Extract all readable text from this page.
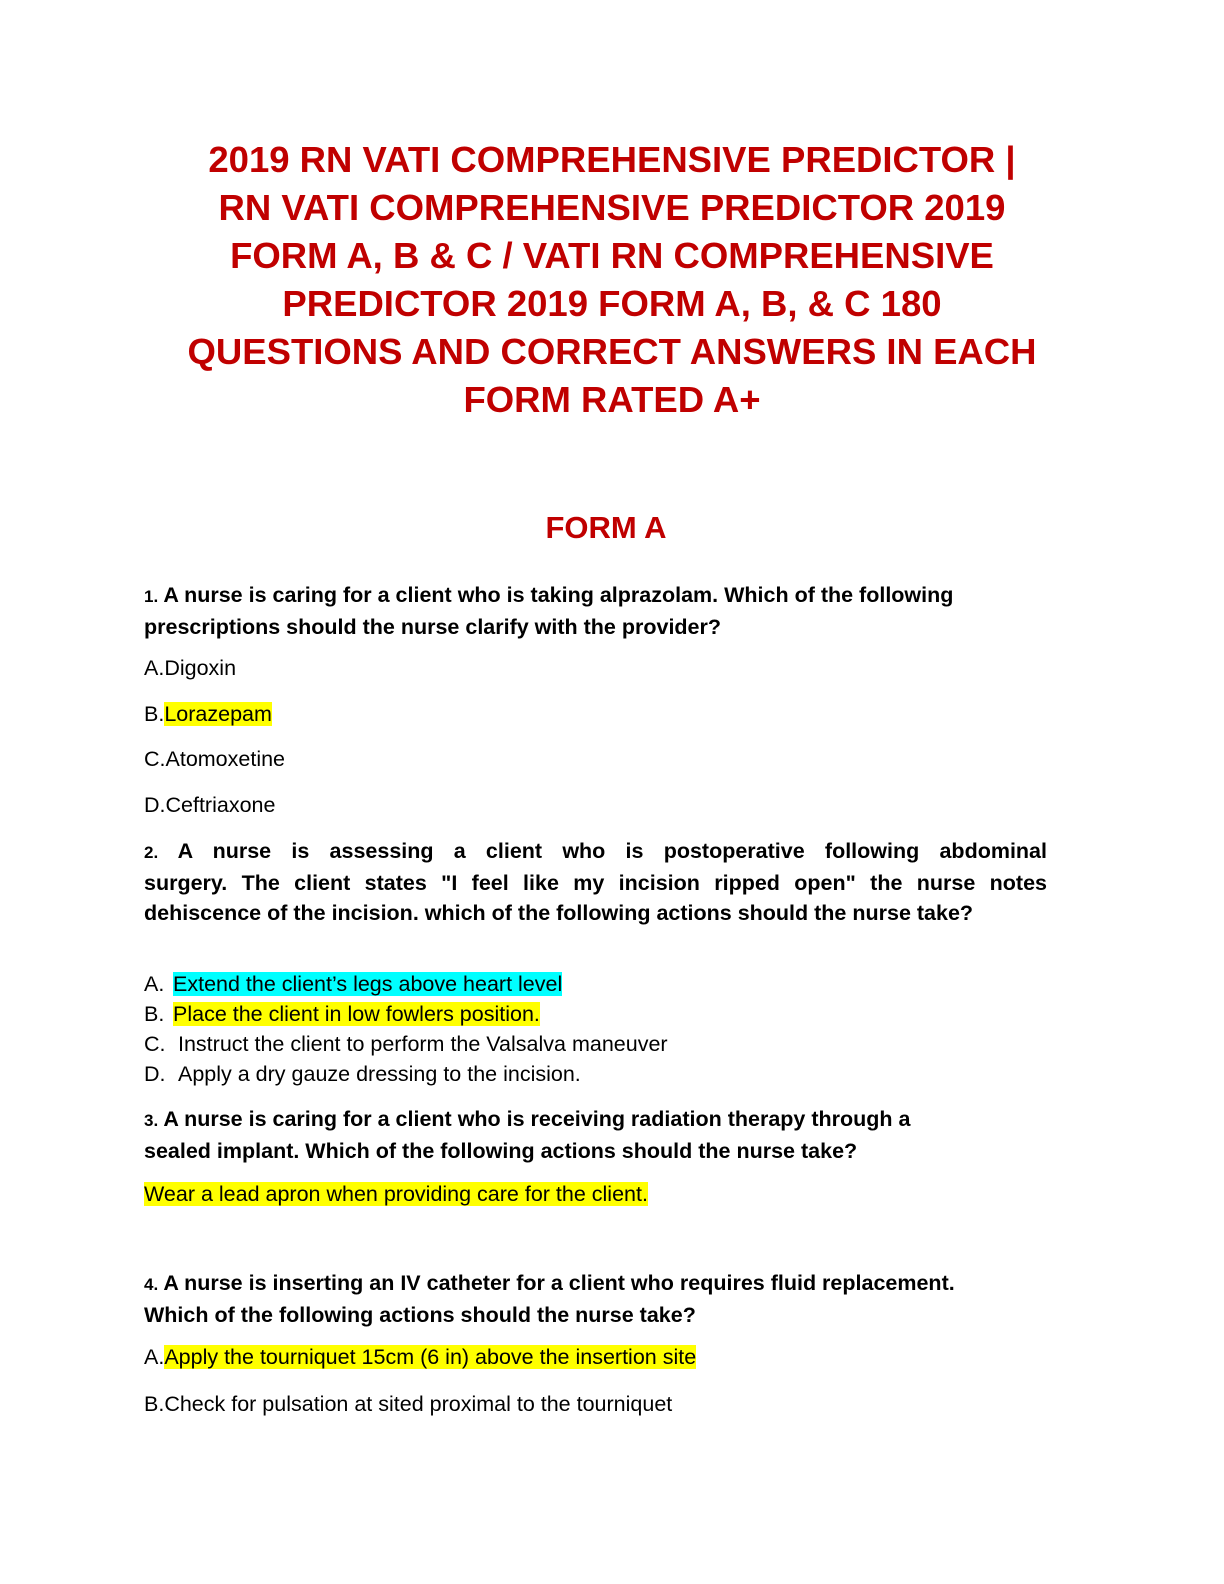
2019 RN VATI COMPREHENSIVE PREDICTOR |
RN VATI COMPREHENSIVE PREDICTOR 2019
FORM A, B & C / VATI RN COMPREHENSIVE
PREDICTOR 2019 FORM A, B, & C 180
QUESTIONS AND CORRECT ANSWERS IN EACH
FORM RATED A+
FORM A
1. A nurse is caring for a client who is taking alprazolam. Which of the following
prescriptions should the nurse clarify with the provider?
A.Digoxin
B.Lorazepam
C.Atomoxetine
D.Ceftriaxone
2. A nurse is assessing a client who is postoperative following abdominal
surgery. The client states "I feel like my incision ripped open" the nurse notes dehiscence of the incision. which of the following actions should the nurse take?
A. Extend the client’s legs above heart level
B. Place the client in low fowlers position.
C. Instruct the client to perform the Valsalva maneuver
D. Apply a dry gauze dressing to the incision.
3. A nurse is caring for a client who is receiving radiation therapy through a
sealed implant. Which of the following actions should the nurse take?
Wear a lead apron when providing care for the client.
4. A nurse is inserting an IV catheter for a client who requires fluid replacement.
Which of the following actions should the nurse take?
A.Apply the tourniquet 15cm (6 in) above the insertion site
B.Check for pulsation at sited proximal to the tourniquet
